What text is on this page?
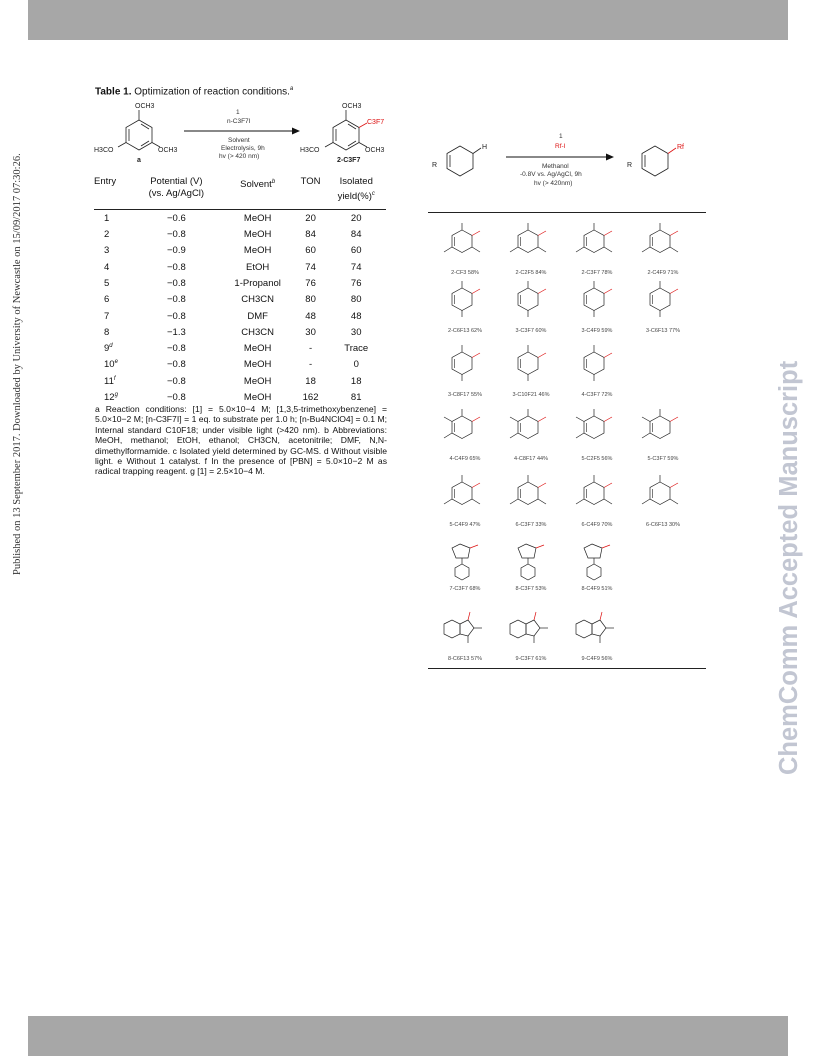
Published on 13 September 2017. Downloaded by University of Newcastle on 15/09/2017 07:30:26.	ChemComm Accepted Manuscript
Table 1. Optimization of reaction conditions.$^a$
OCH3
OCH3
H3CO
a
1
n-C3F7I
Solvent
Electrolysis, 9h
hv (> 420 nm)
OCH3
OCH3
H3CO
C3F7
2-C3F7
Entry	Potential (V)
(vs. Ag/AgCl)	Solvent$^b$	TON	Isolated
yield(%)$^c$

1	−0.6	MeOH	20	20
2	−0.8	MeOH	84	84
3	−0.9	MeOH	60	60
4	−0.8	EtOH	74	74
5	−0.8	1-Propanol	76	76
6	−0.8	CH3CN	80	80
7	−0.8	DMF	48	48
8	−1.3	CH3CN	30	30
$9^d$	−0.8	MeOH	-	Trace
$10^e$	−0.8	MeOH	-	0
$11^f$	−0.8	MeOH	18	18
$12^g$	−0.8	MeOH	162	81
a Reaction conditions: [1] = 5.0×10−4 M; [1,3,5-trimethoxybenzene] = 5.0×10−2 M; [n-C3F7I] = 1 eq. to substrate per 1.0 h; [n-Bu4NClO4] = 0.1 M; Internal standard C10F18; under visible light (>420 nm). b Abbreviations: MeOH, methanol; EtOH, ethanol; CH3CN, acetonitrile; DMF, N,N-dimethylformamide. c Isolated yield determined by GC-MS. d Without visible light. e Without 1 catalyst. f In the presence of [PBN] = 5.0×10−2 M as radical trapping reagent. g [1] = 2.5×10−4 M.
R
H
R
Rf
1
Rf-I
Methanol
-0.8V vs. Ag/AgCl, 9h
hv (> 420nm)
2-CF3 58%	2-C2F5 84%	2-C3F7 78%	2-C4F9 71%
2-C6F13 62%	3-C3F7 60%	3-C4F9 59%	3-C6F13 77%
3-C8F17 55%	3-C10F21 46%	4-C3F7 72%
4-C4F9 65%	4-C8F17 44%	5-C2F5 56%	5-C3F7 59%
5-C4F9 47%	6-C3F7 33%	6-C4F9 70%	6-C6F13 30%
7-C3F7 68%	8-C3F7 53%	8-C4F9 51%
8-C6F13 57%	9-C3F7 61%	9-C4F9 56%
